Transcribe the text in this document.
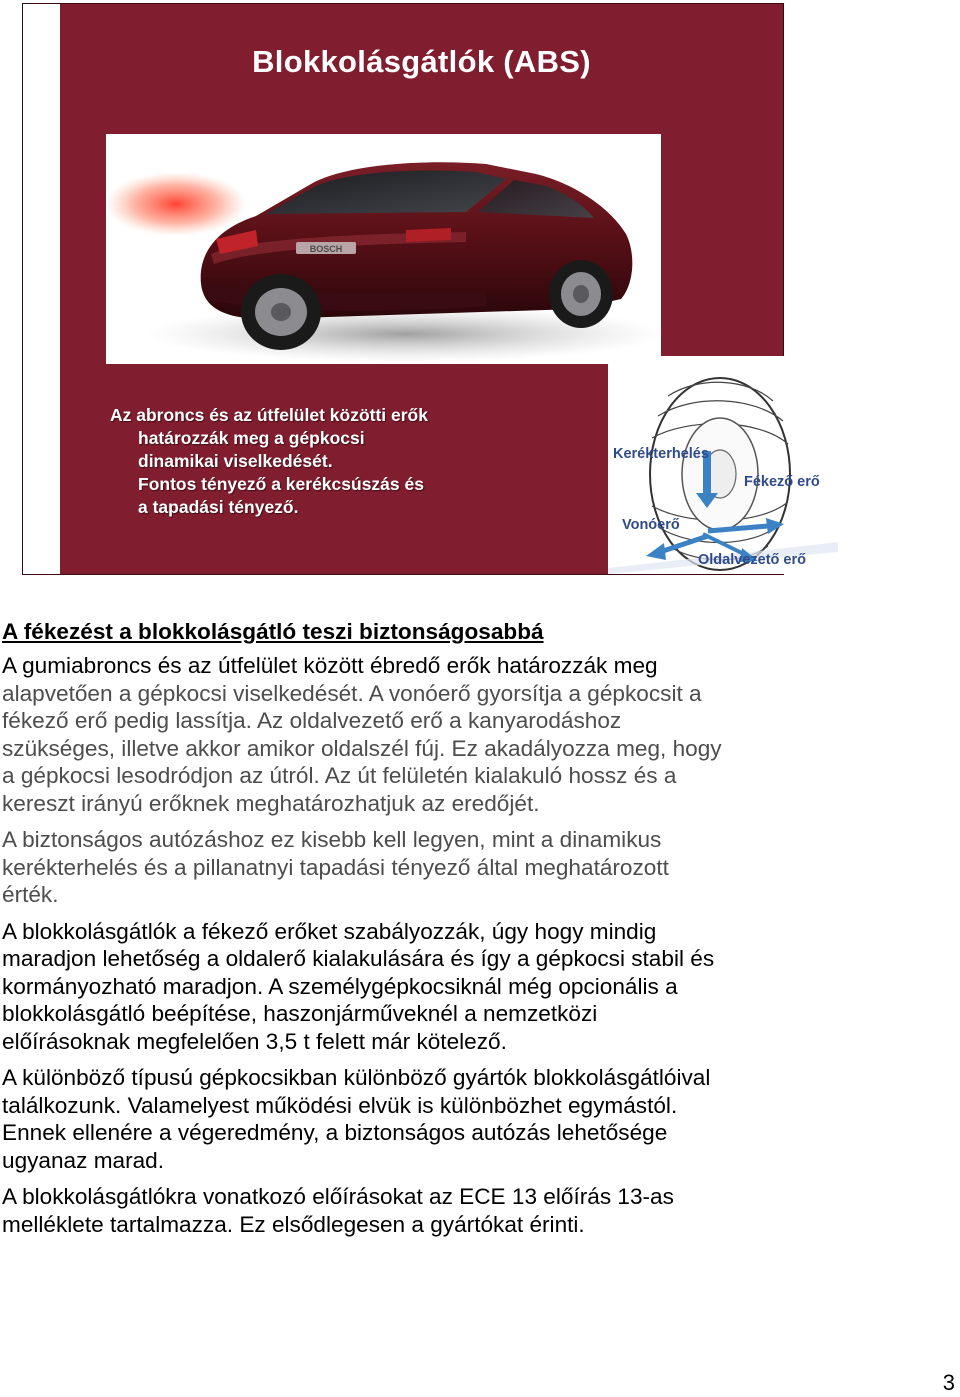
Blokkolásgátlók (ABS)
BOSCH
Az abroncs és az útfelület közötti erők
határozzák meg a gépkocsi
dinamikai viselkedését.
Fontos tényező a kerékcsúszás és
a tapadási tényező.
Kerékterhelés
Fékező erő
Vonóerő
Oldalvezető erő
A fékezést a blokkolásgátló teszi biztonságosabbá

A gumiabroncs és az útfelület között ébredő erők határozzák meg
alapvetően a gépkocsi viselkedését. A vonóerő gyorsítja a gépkocsit a
fékező erő pedig lassítja. Az oldalvezető erő a kanyarodáshoz
szükséges, illetve akkor amikor oldalszél fúj. Ez akadályozza meg, hogy
a gépkocsi lesodródjon az útról. Az út felületén kialakuló hossz és a
kereszt irányú erőknek meghatározhatjuk az eredőjét.

A biztonságos autózáshoz ez kisebb kell legyen, mint a dinamikus
kerékterhelés és a pillanatnyi tapadási tényező által meghatározott
érték.

A blokkolásgátlók a fékező erőket szabályozzák, úgy hogy mindig
maradjon lehetőség a oldalerő kialakulására és így a gépkocsi stabil és
kormányozható maradjon. A személygépkocsiknál még opcionális a
blokkolásgátló beépítése, haszonjárműveknél a nemzetközi
előírásoknak megfelelően 3,5 t felett már kötelező.

A különböző típusú gépkocsikban különböző gyártók blokkolásgátlóival
találkozunk. Valamelyest működési elvük is különbözhet egymástól.
Ennek ellenére a végeredmény, a biztonságos autózás lehetősége
ugyanaz marad.

A blokkolásgátlókra vonatkozó előírásokat az ECE 13 előírás 13-as
melléklete tartalmazza. Ez elsődlegesen a gyártókat érinti.

3
